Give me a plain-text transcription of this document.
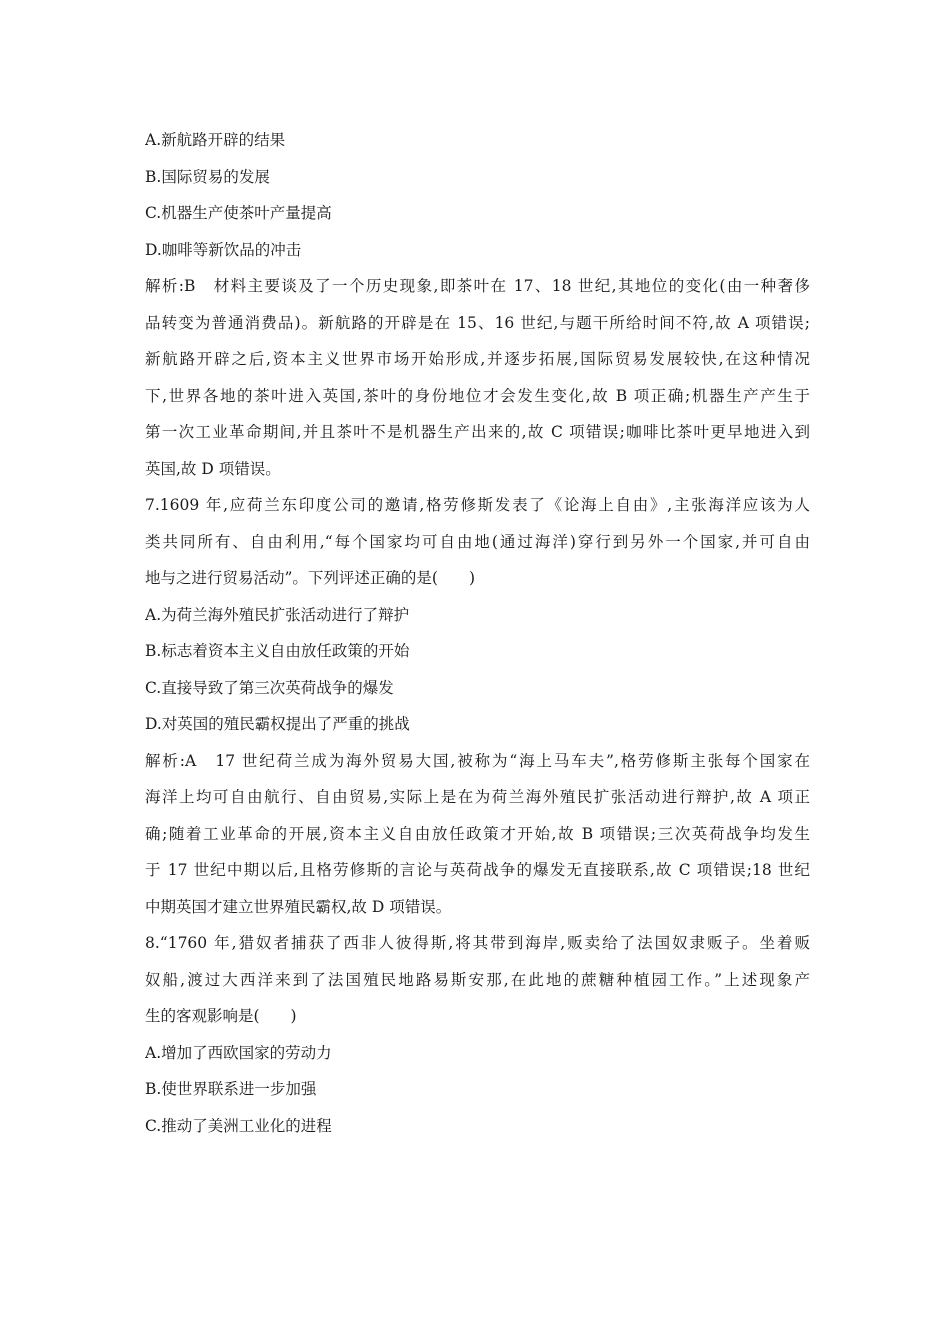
A.新航路开辟的结果
B.国际贸易的发展
C.机器生产使茶叶产量提高
D.咖啡等新饮品的冲击
解析:B　材料主要谈及了一个历史现象,即茶叶在 17、18 世纪,其地位的变化(由一种奢侈
品转变为普通消费品)。新航路的开辟是在 15、16 世纪,与题干所给时间不符,故 A 项错误;
新航路开辟之后,资本主义世界市场开始形成,并逐步拓展,国际贸易发展较快,在这种情况
下,世界各地的茶叶进入英国,茶叶的身份地位才会发生变化,故 B 项正确;机器生产产生于
第一次工业革命期间,并且茶叶不是机器生产出来的,故 C 项错误;咖啡比茶叶更早地进入到
英国,故 D 项错误。
7.1609 年,应荷兰东印度公司的邀请,格劳修斯发表了《论海上自由》,主张海洋应该为人
类共同所有、自由利用,“每个国家均可自由地(通过海洋)穿行到另外一个国家,并可自由
地与之进行贸易活动”。下列评述正确的是(　　)
A.为荷兰海外殖民扩张活动进行了辩护
B.标志着资本主义自由放任政策的开始
C.直接导致了第三次英荷战争的爆发
D.对英国的殖民霸权提出了严重的挑战
解析:A　17 世纪荷兰成为海外贸易大国,被称为“海上马车夫”,格劳修斯主张每个国家在
海洋上均可自由航行、自由贸易,实际上是在为荷兰海外殖民扩张活动进行辩护,故 A 项正
确;随着工业革命的开展,资本主义自由放任政策才开始,故 B 项错误;三次英荷战争均发生
于 17 世纪中期以后,且格劳修斯的言论与英荷战争的爆发无直接联系,故 C 项错误;18 世纪
中期英国才建立世界殖民霸权,故 D 项错误。
8.“1760 年,猎奴者捕获了西非人彼得斯,将其带到海岸,贩卖给了法国奴隶贩子。坐着贩
奴船,渡过大西洋来到了法国殖民地路易斯安那,在此地的蔗糖种植园工作。”上述现象产
生的客观影响是(　　)
A.增加了西欧国家的劳动力
B.使世界联系进一步加强
C.推动了美洲工业化的进程
